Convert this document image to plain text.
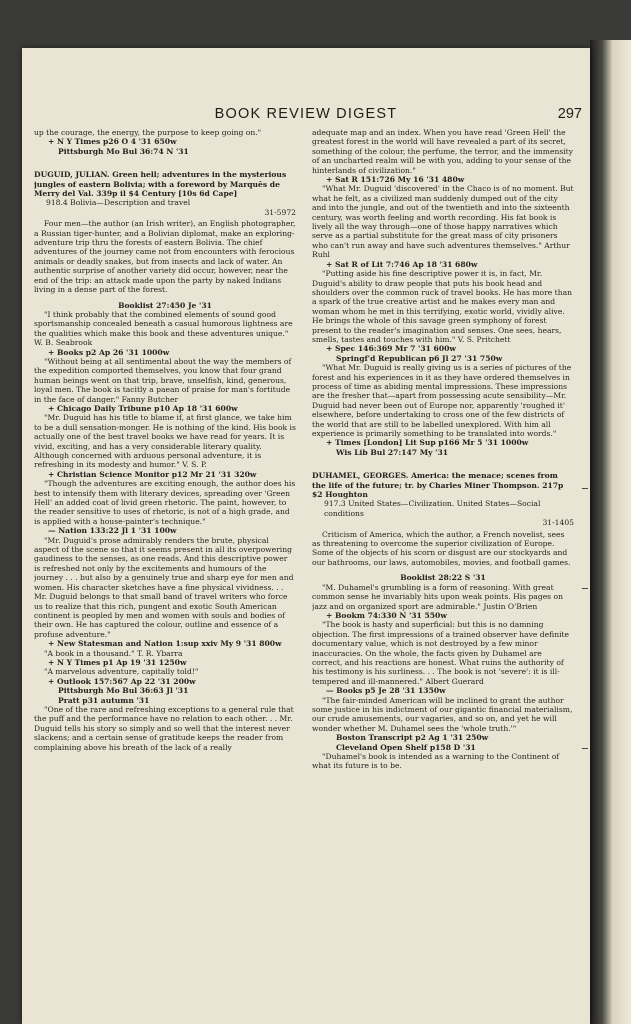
BOOK REVIEW DIGEST	297
up the courage, the energy, the purpose to keep going on."
+ N Y Times p26 O 4 '31 650w
Pittsburgh Mo Bul 36:74 N '31
DUGUID, JULIAN. Green hell; adventures in the mysterious jungles of eastern Bolivia; with a foreword by Marquês de Merry del Val. 339p il $4 Century [10s 6d Cape]
918.4 Bolivia—Description and travel
31-5972
Four men—the author (an Irish writer), an English photographer, a Russian tiger-hunter, and a Bolivian diplomat, make an exploring-adventure trip thru the forests of eastern Bolivia. The chief adventures of the journey came not from encounters with ferocious animals or deadly snakes, but from insects and lack of water. An authentic surprise of another variety did occur, however, near the end of the trip: an attack made upon the party by naked Indians living in a dense part of the forest.
Booklist 27:450 Je '31
"I think probably that the combined elements of sound good sportsmanship concealed beneath a casual humorous lightness are the qualities which make this book and these adventures unique." W. B. Seabrook
+ Books p2 Ap 26 '31 1000w
"Without being at all sentimental about the way the members of the expedition comported themselves, you know that four grand human beings went on that trip, brave, unselfish, kind, generous, loyal men. The book is tacitly a paean of praise for man's fortitude in the face of danger." Fanny Butcher
+ Chicago Daily Tribune p10 Ap 18 '31 600w
"Mr. Duguid has his title to blame if, at first glance, we take him to be a dull sensation-monger. He is nothing of the kind. His book is actually one of the best travel books we have read for years. It is vivid, exciting, and has a very considerable literary quality. Although concerned with arduous personal adventure, it is refreshing in its modesty and humor." V. S. P.
+ Christian Science Monitor p12 Mr 21 '31 320w
"Though the adventures are exciting enough, the author does his best to intensify them with literary devices, spreading over 'Green Hell' an added coat of livid green rhetoric. The paint, however, to the reader sensitive to uses of rhetoric, is not of a high grade, and is applied with a house-painter's technique."
— Nation 133:22 Jl 1 '31 100w
"Mr. Duguid's prose admirably renders the brute, physical aspect of the scene so that it seems present in all its overpowering gaudiness to the senses, as one reads. And this descriptive power is refreshed not only by the excitements and humours of the journey . . . but also by a genuinely true and sharp eye for men and women. His character sketches have a fine physical vividness. . . Mr. Duguid belongs to that small band of travel writers who force us to realize that this rich, pungent and exotic South American continent is peopled by men and women with souls and bodies of their own. He has captured the colour, outline and essence of a profuse adventure."
+ New Statesman and Nation 1:sup xxiv My 9 '31 800w
"A book in a thousand." T. R. Ybarra
+ N Y Times p1 Ap 19 '31 1250w
"A marvelous adventure, capitally told!"
+ Outlook 157:567 Ap 22 '31 200w
Pittsburgh Mo Bul 36:63 Jl '31
Pratt p31 autumn '31
"One of the rare and refreshing exceptions to a general rule that the puff and the performance have no relation to each other. . . Mr. Duguid tells his story so simply and so well that the interest never slackens; and a certain sense of gratitude keeps the reader from complaining above his breath of the lack of a really
adequate map and an index. When you have read 'Green Hell' the greatest forest in the world will have revealed a part of its secret, something of the colour, the perfume, the terror, and the immensity of an uncharted realm will be with you, adding to your sense of the hinterlands of civilization."
+ Sat R 151:726 My 16 '31 480w
"What Mr. Duguid 'discovered' in the Chaco is of no moment. But what he felt, as a civilized man suddenly dumped out of the city and into the jungle, and out of the twentieth and into the sixteenth century, was worth feeling and worth recording. His fat book is lively all the way through—one of those happy narratives which serve as a partial substitute for the great mass of city prisoners who can't run away and have such adventures themselves." Arthur Ruhl
+ Sat R of Lit 7:746 Ap 18 '31 680w
"Putting aside his fine descriptive power it is, in fact, Mr. Duguid's ability to draw people that puts his book head and shoulders over the common ruck of travel books. He has more than a spark of the true creative artist and he makes every man and woman whom he met in this terrifying, exotic world, vividly alive. He brings the whole of this savage green symphony of forest present to the reader's imagination and senses. One sees, hears, smells, tastes and touches with him." V. S. Pritchett
+ Spec 146:369 Mr 7 '31 600w
Springf'd Republican p6 Jl 27 '31 750w
"What Mr. Duguid is really giving us is a series of pictures of the forest and his experiences in it as they have ordered themselves in process of time as abiding mental impressions. These impressions are the fresher that—apart from possessing acute sensibility—Mr. Duguid had never been out of Europe nor, apparently 'roughed it' elsewhere, before undertaking to cross one of the few districts of the world that are still to be labelled unexplored. With him all experience is primarily something to be translated into words."
+ Times [London] Lit Sup p166 Mr 5 '31 1000w
Wis Lib Bul 27:147 My '31
DUHAMEL, GEORGES. America: the menace; scenes from the life of the future; tr. by Charles Miner Thompson. 217p $2 Houghton
917.3 United States—Civilization. United States—Social conditions
31-1405
Criticism of America, which the author, a French novelist, sees as threatening to overcome the superior civilization of Europe. Some of the objects of his scorn or disgust are our stockyards and our bathrooms, our laws, automobiles, movies, and football games.
Booklist 28:22 S '31
"M. Duhamel's grumbling is a form of reasoning. With great common sense he invariably hits upon weak points. His pages on jazz and on organized sport are admirable." Justin O'Brien
+ Bookm 74:330 N '31 550w
"The book is hasty and superficial: but this is no damning objection. The first impressions of a trained observer have definite documentary value, which is not destroyed by a few minor inaccuracies. On the whole, the facts given by Duhamel are correct, and his reactions are honest. What ruins the authority of his testimony is his surliness. . . The book is not 'severe': it is ill-tempered and ill-mannered." Albert Guerard
— Books p5 Je 28 '31 1350w
"The fair-minded American will be inclined to grant the author some justice in his indictment of our gigantic financial materialism, our crude amusements, our vagaries, and so on, and yet he will wonder whether M. Duhamel sees the 'whole truth.'"
Boston Transcript p2 Ag 1 '31 250w
Cleveland Open Shelf p158 D '31
"Duhamel's book is intended as a warning to the Continent of what its future is to be.
